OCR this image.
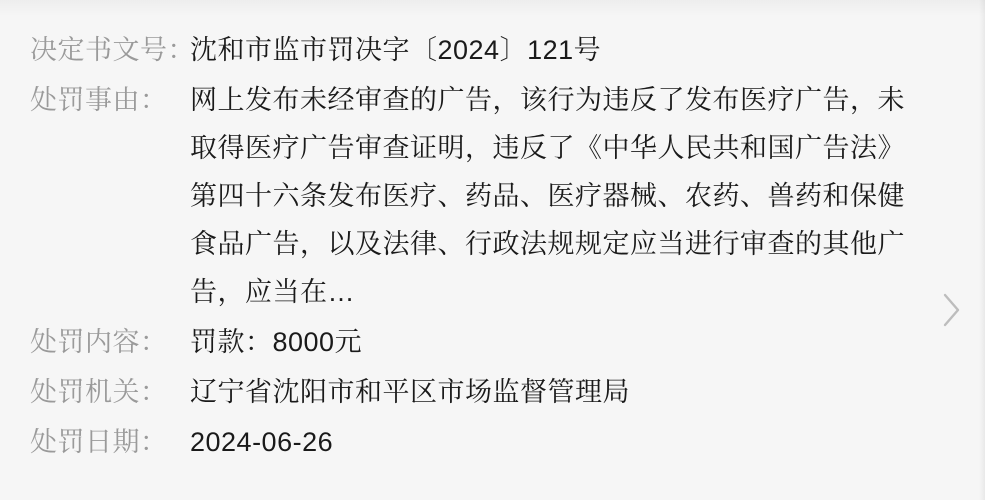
决定书文号：
沈和市监市罚决字〔2024〕121号
处罚事由： 网上发布未经审查的广告，该行为违反了发布医疗广告，未取得医疗广告审查证明，违反了《中华人民共和国广告法》第四十六条发布医疗、药品、医疗器械、农药、兽药和保健食品广告，以及法律、行政法规规定应当进行审查的其他广告，应当在…
处罚内容： 罚款：8000元
处罚机关： 辽宁省沈阳市和平区市场监督管理局
处罚日期： 2024-06-26
